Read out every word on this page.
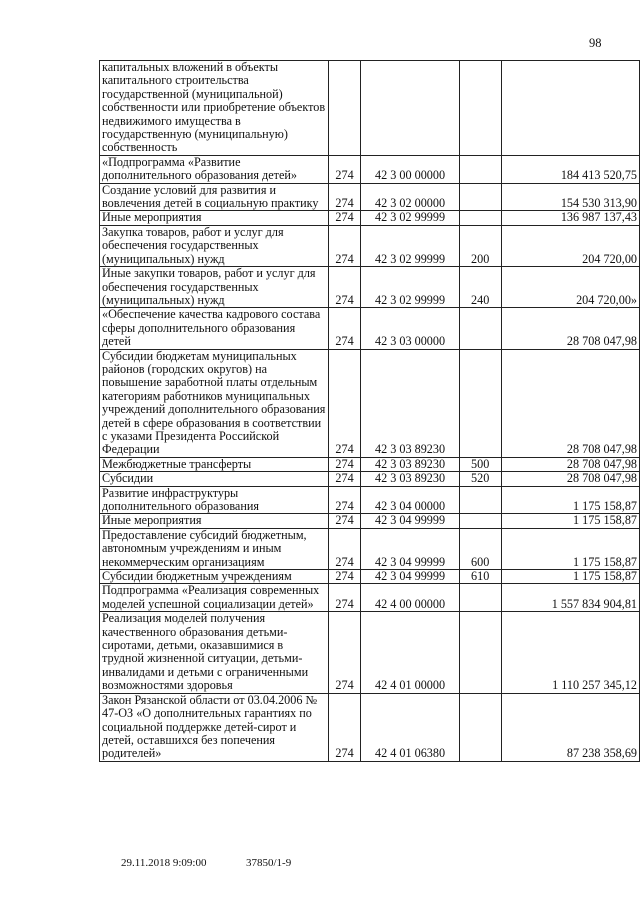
98
капитальных вложений в объекты капитального строительства государственной (муниципальной) собственности или приобретение объектов недвижимого имущества в государственную (муниципальную) собственность				
«Подпрограмма «Развитие дополнительного образования детей»	274	42 3 00 00000		184 413 520,75
Создание условий для развития и вовлечения детей в социальную практику	274	42 3 02 00000		154 530 313,90
Иные мероприятия	274	42 3 02 99999		136 987 137,43
Закупка товаров, работ и услуг для обеспечения государственных (муниципальных) нужд	274	42 3 02 99999	200	204 720,00
Иные закупки товаров, работ и услуг для обеспечения государственных (муниципальных) нужд	274	42 3 02 99999	240	204 720,00»
«Обеспечение качества кадрового состава сферы дополнительного образования детей	274	42 3 03 00000		28 708 047,98
Субсидии бюджетам муниципальных районов (городских округов) на повышение заработной платы отдельным категориям работников муниципальных учреждений дополнительного образования детей в сфере образования в соответствии с указами Президента Российской Федерации	274	42 3 03 89230		28 708 047,98
Межбюджетные трансферты	274	42 3 03 89230	500	28 708 047,98
Субсидии	274	42 3 03 89230	520	28 708 047,98
Развитие инфраструктуры дополнительного образования	274	42 3 04 00000		1 175 158,87
Иные мероприятия	274	42 3 04 99999		1 175 158,87
Предоставление субсидий бюджетным, автономным учреждениям и иным некоммерческим организациям	274	42 3 04 99999	600	1 175 158,87
Субсидии бюджетным учреждениям	274	42 3 04 99999	610	1 175 158,87
Подпрограмма «Реализация современных моделей успешной социализации детей»	274	42 4 00 00000		1 557 834 904,81
Реализация моделей получения качественного образования детьми-сиротами, детьми, оказавшимися в трудной жизненной ситуации, детьми-инвалидами и детьми с ограниченными возможностями здоровья	274	42 4 01 00000		1 110 257 345,12
Закон Рязанской области от 03.04.2006 № 47-ОЗ «О дополнительных гарантиях по социальной поддержке детей-сирот и детей, оставшихся без попечения родителей»	274	42 4 01 06380		87 238 358,69
29.11.2018 9:09:00	37850/1-9
